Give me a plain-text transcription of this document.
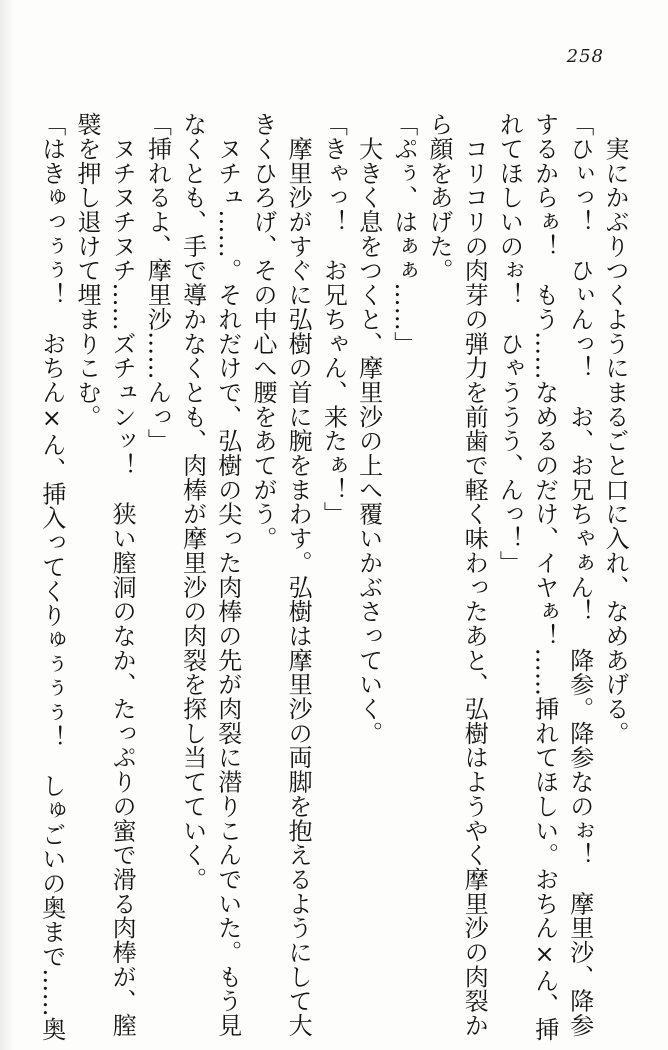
258

　実にかぶりつくようにまるごと口に入れ、なめあげる。

「ひぃっ！　ひぃんっ！　お、お兄ちゃぁん！　降参。降参なのぉ！　摩里沙、降参

するからぁ！　もう……なめるのだけ、イヤぁ！……挿れてほしい。おちん×ん、挿

れてほしいのぉ！　ひゃううう、んっ！」

　コリコリの肉芽の弾力を前歯で軽く味わったあと、弘樹はようやく摩里沙の肉裂か

ら顔をあげた。

「ぷぅ、はぁぁ……」

　大きく息をつくと、摩里沙の上へ覆いかぶさっていく。

「きゃっ！　お兄ちゃん、来たぁ！」

　摩里沙がすぐに弘樹の首に腕をまわす。弘樹は摩里沙の両脚を抱えるようにして大

きくひろげ、その中心へ腰をあてがう。

　ヌチュ……。それだけで、弘樹の尖った肉棒の先が肉裂に潜りこんでいた。もう見

なくとも、手で導かなくとも、肉棒が摩里沙の肉裂を探し当てていく。

「挿れるよ、摩里沙……んっ」

　ヌチヌチヌチ……ズチュンッ！　狭い膣洞のなか、たっぷりの蜜で滑る肉棒が、膣

襞を押し退けて埋まりこむ。

「はきゅっぅぅ！　おちん×ん、挿入ってくりゅぅぅぅ！　しゅごいの奥まで……奥
